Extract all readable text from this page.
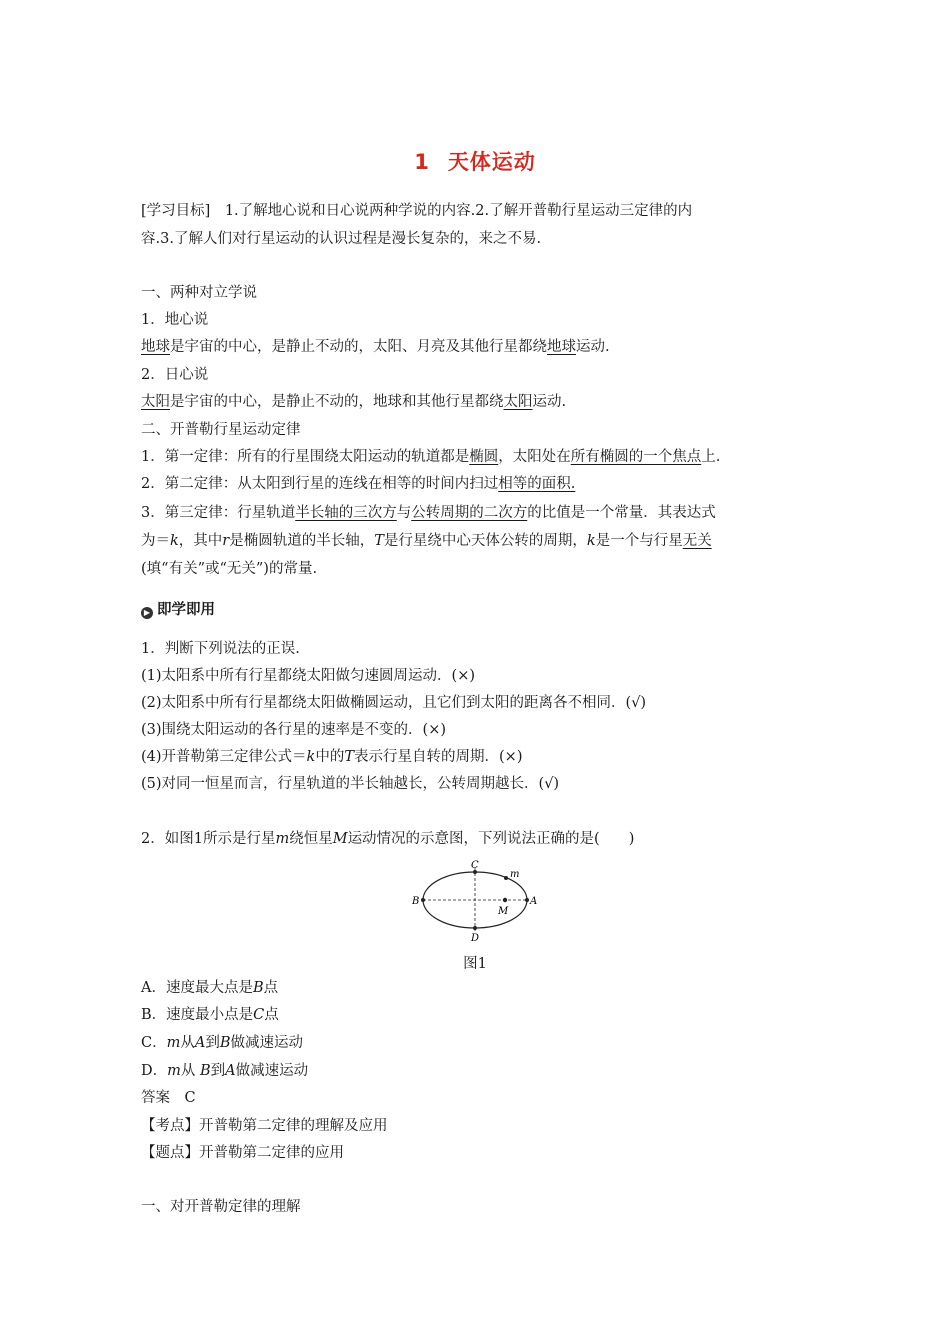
1 天体运动
[学习目标]　1.了解地心说和日心说两种学说的内容.2.了解开普勒行星运动三定律的内
容.3.了解人们对行星运动的认识过程是漫长复杂的，来之不易.
一、两种对立学说
1．地心说
地球是宇宙的中心，是静止不动的，太阳、月亮及其他行星都绕地球运动.
2．日心说
太阳是宇宙的中心，是静止不动的，地球和其他行星都绕太阳运动.
二、开普勒行星运动定律
1．第一定律：所有的行星围绕太阳运动的轨道都是椭圆，太阳处在所有椭圆的一个焦点上.
2．第二定律：从太阳到行星的连线在相等的时间内扫过相等的面积.
3．第三定律：行星轨道半长轴的三次方与公转周期的二次方的比值是一个常量．其表达式
为＝k，其中r是椭圆轨道的半长轴，T是行星绕中心天体公转的周期，k是一个与行星无关
(填“有关”或“无关”)的常量.
▶ 即学即用
1．判断下列说法的正误.
(1)太阳系中所有行星都绕太阳做匀速圆周运动．(×)
(2)太阳系中所有行星都绕太阳做椭圆运动，且它们到太阳的距离各不相同．(√)
(3)围绕太阳运动的各行星的速率是不变的．(×)
(4)开普勒第三定律公式＝k中的T表示行星自转的周期．(×)
(5)对同一恒星而言，行星轨道的半长轴越长，公转周期越长．(√)
2．如图1所示是行星m绕恒星M运动情况的示意图，下列说法正确的是(　　)
C
m
B	A
M
D
图1
A．速度最大点是B点
B．速度最小点是C点
C．m从A到B做减速运动
D．m从 B到A做减速运动
答案　C
【考点】开普勒第二定律的理解及应用
【题点】开普勒第二定律的应用
一、对开普勒定律的理解
